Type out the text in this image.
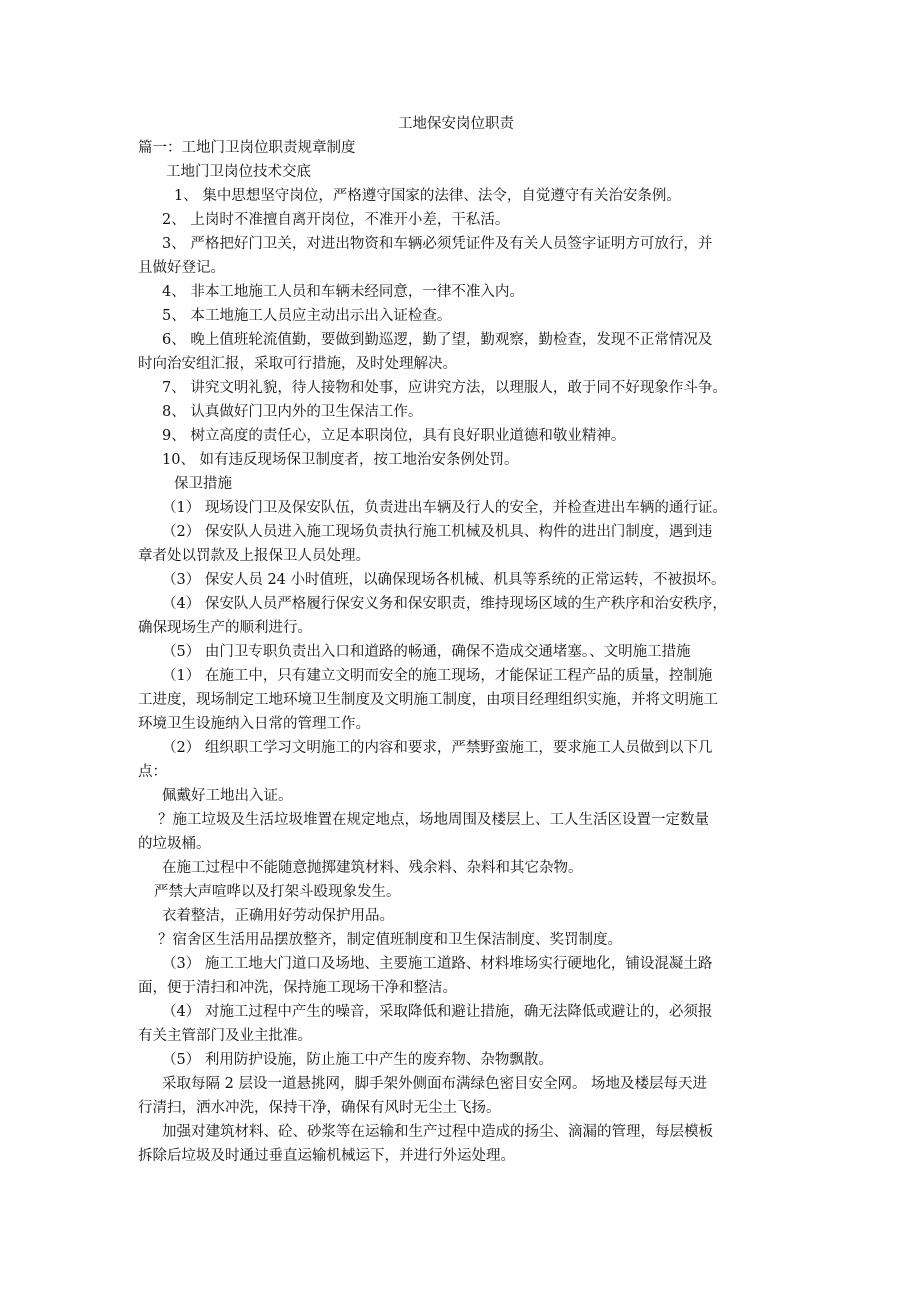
工地保安岗位职责

篇一：工地门卫岗位职责规章制度

工地门卫岗位技术交底

1、 集中思想坚守岗位，严格遵守国家的法律、法令，自觉遵守有关治安条例。

2、 上岗时不准擅自离开岗位，不准开小差，干私活。

3、 严格把好门卫关，对进出物资和车辆必须凭证件及有关人员签字证明方可放行，并

且做好登记。

4、 非本工地施工人员和车辆未经同意，一律不准入内。

5、 本工地施工人员应主动出示出入证检查。

6、 晚上值班轮流值勤，要做到勤巡逻，勤了望，勤观察，勤检查，发现不正常情况及

时向治安组汇报，采取可行措施，及时处理解决。

7、 讲究文明礼貌，待人接物和处事，应讲究方法，以理服人，敢于同不好现象作斗争。

8、 认真做好门卫内外的卫生保洁工作。

9、 树立高度的责任心，立足本职岗位，具有良好职业道德和敬业精神。

10、 如有违反现场保卫制度者，按工地治安条例处罚。

保卫措施

（1） 现场设门卫及保安队伍，负责进出车辆及行人的安全，并检查进出车辆的通行证。

（2） 保安队人员进入施工现场负责执行施工机械及机具、构件的进出门制度，遇到违

章者处以罚款及上报保卫人员处理。

（3） 保安人员 24 小时值班，以确保现场各机械、机具等系统的正常运转，不被损坏。

（4） 保安队人员严格履行保安义务和保安职责，维持现场区域的生产秩序和治安秩序，

确保现场生产的顺利进行。

（5） 由门卫专职负责出入口和道路的畅通，确保不造成交通堵塞。、文明施工措施

（1） 在施工中，只有建立文明而安全的施工现场，才能保证工程产品的质量，控制施

工进度，现场制定工地环境卫生制度及文明施工制度，由项目经理组织实施，并将文明施工

环境卫生设施纳入日常的管理工作。

（2） 组织职工学习文明施工的内容和要求，严禁野蛮施工，要求施工人员做到以下几

点：

佩戴好工地出入证。

？施工垃圾及生活垃圾堆置在规定地点，场地周围及楼层上、工人生活区设置一定数量

的垃圾桶。

在施工过程中不能随意抛掷建筑材料、残余料、杂料和其它杂物。

严禁大声喧哗以及打架斗殴现象发生。

衣着整洁，正确用好劳动保护用品。

？宿舍区生活用品摆放整齐，制定值班制度和卫生保洁制度、奖罚制度。

（3） 施工工地大门道口及场地、主要施工道路、材料堆场实行硬地化，铺设混凝土路

面，便于清扫和冲洗，保持施工现场干净和整洁。

（4） 对施工过程中产生的噪音，采取降低和避让措施，确无法降低或避让的，必须报

有关主管部门及业主批准。

（5） 利用防护设施，防止施工中产生的废弃物、杂物飘散。

采取每隔 2 层设一道悬挑网，脚手架外侧面布满绿色密目安全网。 场地及楼层每天进

行清扫，洒水冲洗，保持干净，确保有风时无尘土飞扬。

加强对建筑材料、砼、砂浆等在运输和生产过程中造成的扬尘、滴漏的管理，每层模板

拆除后垃圾及时通过垂直运输机械运下，并进行外运处理。
